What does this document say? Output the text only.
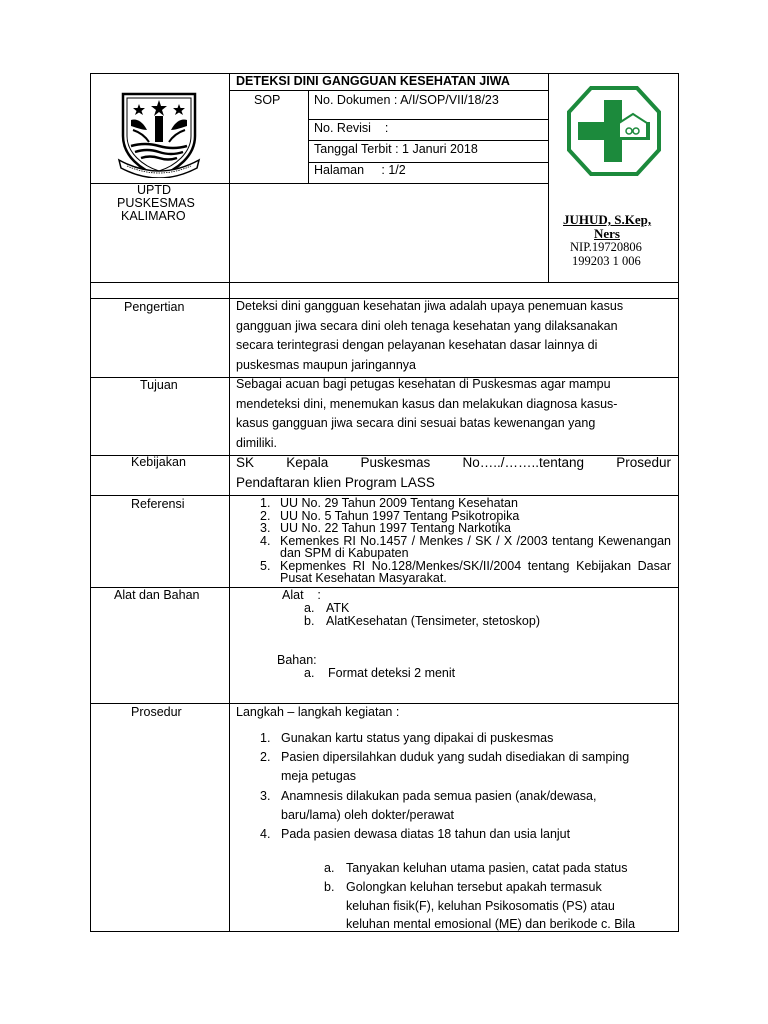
UPTD
PUSKESMAS
KALIMARO
DETEKSI DINI GANGGUAN KESEHATAN JIWA
SOP	No. Dokumen : A/I/SOP/VII/18/23
No. Revisi    :
Tanggal Terbit : 1 Januri 2018
Halaman     : 1/2
JUHUD, S.Kep,
Ners
NIP.19720806
199203 1 006
Pengertian	Deteksi dini gangguan kesehatan jiwa adalah upaya penemuan kasus
gangguan jiwa secara dini oleh tenaga kesehatan yang dilaksanakan
secara terintegrasi dengan pelayanan kesehatan dasar lainnya di
puskesmas maupun jaringannya
Tujuan	Sebagai acuan bagi petugas kesehatan di Puskesmas agar mampu
mendeteksi dini, menemukan kasus dan melakukan diagnosa kasus-
kasus gangguan jiwa secara dini sesuai batas kewenangan yang
dimiliki.
Kebijakan	SK Kepala Puskesmas No…../……..tentang Prosedur
Pendaftaran klien Program LASS
Referensi	1. UU No. 29 Tahun 2009 Tentang Kesehatan
2. UU No. 5 Tahun 1997 Tentang Psikotropika
3. UU No. 22 Tahun 1997 Tentang Narkotika
4. Kemenkes RI No.1457 / Menkes / SK / X /2003 tentang Kewenangan dan SPM di Kabupaten
5. Kepmenkes RI No.128/Menkes/SK/II/2004 tentang Kebijakan Dasar Pusat Kesehatan Masyarakat.
Alat dan Bahan	Alat    :
a. ATK
b. AlatKesehatan (Tensimeter, stetoskop)
Bahan:
a. Format deteksi 2 menit
Prosedur	Langkah – langkah kegiatan :
1. Gunakan kartu status yang dipakai di puskesmas
2. Pasien dipersilahkan duduk yang sudah disediakan di samping
meja petugas
3. Anamnesis dilakukan pada semua pasien (anak/dewasa,
baru/lama) oleh dokter/perawat
4. Pada pasien dewasa diatas 18 tahun dan usia lanjut
a. Tanyakan keluhan utama pasien, catat pada status
b. Golongkan keluhan tersebut apakah termasuk
keluhan fisik(F), keluhan Psikosomatis (PS) atau
keluhan mental emosional (ME) dan berikode c. Bila
